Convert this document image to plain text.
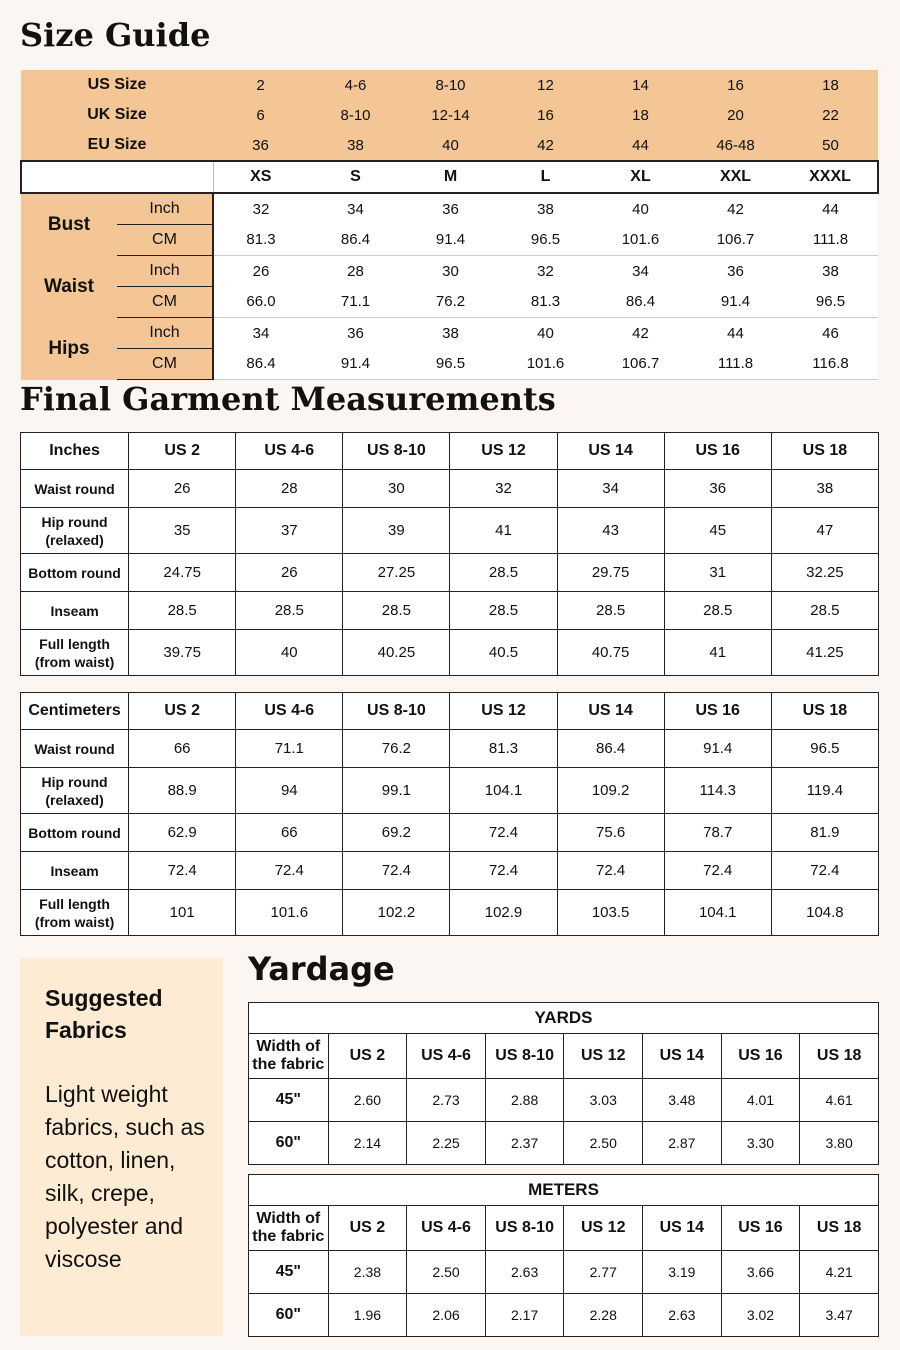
Size Guide
US Size		2	4-6	8-10	12	14	16	18
UK Size		6	8-10	12-14	16	18	20	22
EU Size		36	38	40	42	44	46-48	50
		XS	S	M	L	XL	XXL	XXXL
Bust	Inch	32	34	36	38	40	42	44
	CM	81.3	86.4	91.4	96.5	101.6	106.7	111.8
Waist	Inch	26	28	30	32	34	36	38
	CM	66.0	71.1	76.2	81.3	86.4	91.4	96.5
Hips	Inch	34	36	38	40	42	44	46
	CM	86.4	91.4	96.5	101.6	106.7	111.8	116.8
Final Garment Measurements
Inches	US 2	US 4-6	US 8-10	US 12	US 14	US 16	US 18
Waist round	26	28	30	32	34	36	38
Hip round
(relaxed)	35	37	39	41	43	45	47
Bottom round	24.75	26	27.25	28.5	29.75	31	32.25
Inseam	28.5	28.5	28.5	28.5	28.5	28.5	28.5
Full length
(from waist)	39.75	40	40.25	40.5	40.75	41	41.25
Centimeters	US 2	US 4-6	US 8-10	US 12	US 14	US 16	US 18
Waist round	66	71.1	76.2	81.3	86.4	91.4	96.5
Hip round
(relaxed)	88.9	94	99.1	104.1	109.2	114.3	119.4
Bottom round	62.9	66	69.2	72.4	75.6	78.7	81.9
Inseam	72.4	72.4	72.4	72.4	72.4	72.4	72.4
Full length
(from waist)	101	101.6	102.2	102.9	103.5	104.1	104.8
Suggested Fabrics
Light weight fabrics, such as cotton, linen, silk, crepe, polyester and viscose
Yardage
YARDS							
Width of
the fabric	US 2	US 4-6	US 8-10	US 12	US 14	US 16	US 18
45"	2.60	2.73	2.88	3.03	3.48	4.01	4.61
60"	2.14	2.25	2.37	2.50	2.87	3.30	3.80
METERS							
Width of
the fabric	US 2	US 4-6	US 8-10	US 12	US 14	US 16	US 18
45"	2.38	2.50	2.63	2.77	3.19	3.66	4.21
60"	1.96	2.06	2.17	2.28	2.63	3.02	3.47
